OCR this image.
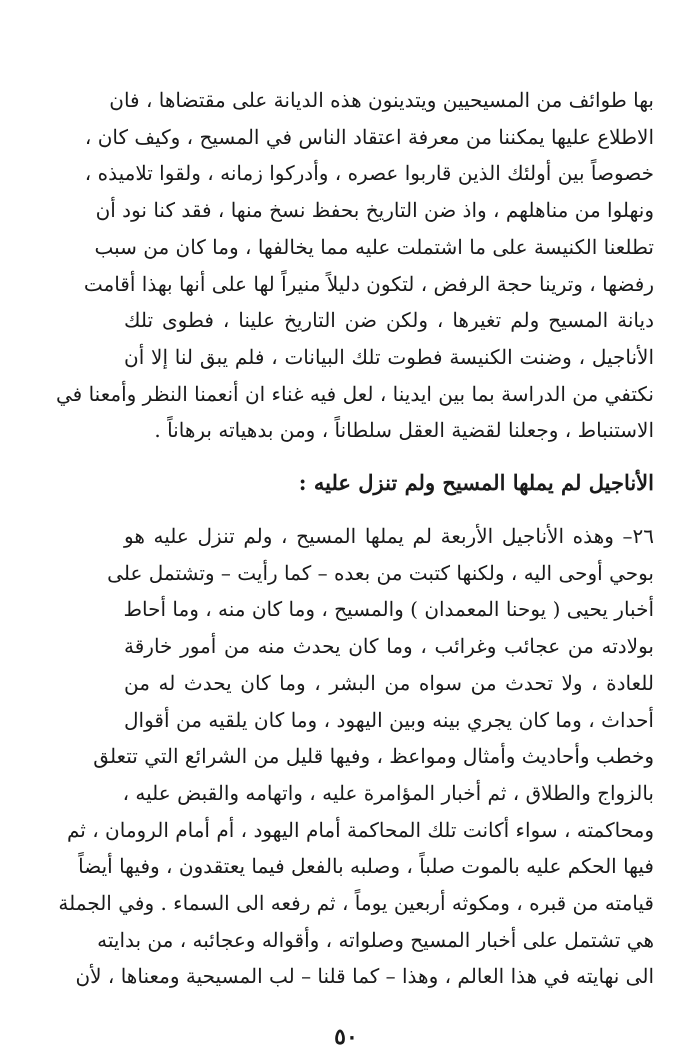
بها طوائف من المسيحيين ويتدينون هذه الديانة على مقتضاها ، فان
الاطلاع عليها يمكننا من معرفة اعتقاد الناس في المسيح ، وكيف كان ،
خصوصاً بين أولئك الذين قاربوا عصره ، وأدركوا زمانه ، ولقوا تلاميذه ،
ونهلوا من مناهلهم ، واذ ضن التاريخ بحفظ نسخ منها ، فقد كنا نود أن
تطلعنا الكنيسة على ما اشتملت عليه مما يخالفها ، وما كان من سبب
رفضها ، وترينا حجة الرفض ، لتكون دليلاً منيراً لها على أنها بهذا أقامت
ديانة المسيح ولم تغيرها ، ولكن ضن التاريخ علينا ، فطوى تلك
الأناجيل ، وضنت الكنيسة فطوت تلك البيانات ، فلم يبق لنا إلا أن
نكتفي من الدراسة بما بين ايدينا ، لعل فيه غناء ان أنعمنا النظر وأمعنا في
الاستنباط ، وجعلنا لقضية العقل سلطاناً ، ومن بدهياته برهاناً .
الأناجيل لم يملها المسيح ولم تنزل عليه :
٢٦– وهذه الأناجيل الأربعة لم يملها المسيح ، ولم تنزل عليه هو
بوحي أوحى اليه ، ولكنها كتبت من بعده – كما رأيت – وتشتمل على
أخبار يحيى ( يوحنا المعمدان ) والمسيح ، وما كان منه ، وما أحاط
بولادته من عجائب وغرائب ، وما كان يحدث منه من أمور خارقة
للعادة ، ولا تحدث من سواه من البشر ، وما كان يحدث له من
أحداث ، وما كان يجري بينه وبين اليهود ، وما كان يلقيه من أقوال
وخطب وأحاديث وأمثال ومواعظ ، وفيها قليل من الشرائع التي تتعلق
بالزواج والطلاق ، ثم أخبار المؤامرة عليه ، واتهامه والقبض عليه ،
ومحاكمته ، سواء أكانت تلك المحاكمة أمام اليهود ، أم أمام الرومان ، ثم
فيها الحكم عليه بالموت صلباً ، وصلبه بالفعل فيما يعتقدون ، وفيها أيضاً
قيامته من قبره ، ومكوثه أربعين يوماً ، ثم رفعه الى السماء . وفي الجملة
هي تشتمل على أخبار المسيح وصلواته ، وأقواله وعجائبه ، من بدايته
الى نهايته في هذا العالم ، وهذا – كما قلنا – لب المسيحية ومعناها ، لأن
٥٠
